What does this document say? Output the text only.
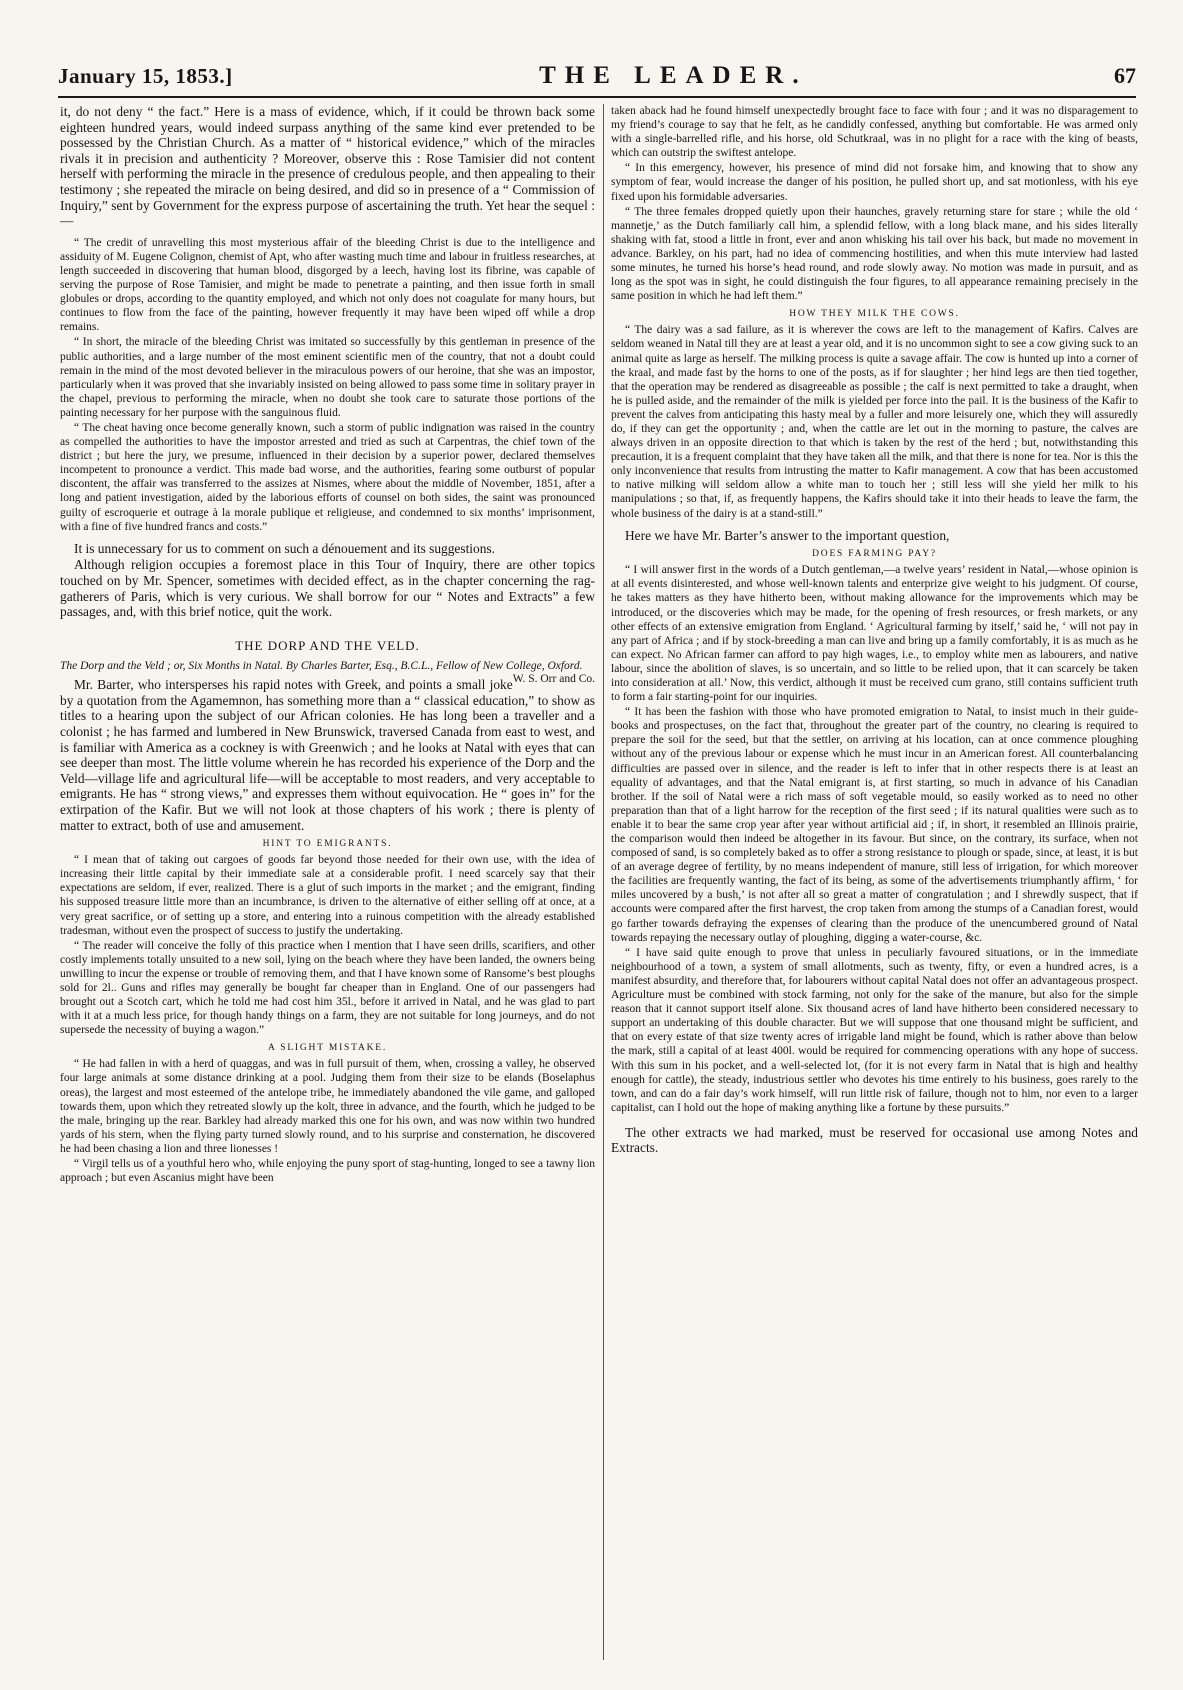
January 15, 1853.]	THE LEADER.	67

it, do not deny “ the fact.” Here is a mass of evidence, which, if it could be thrown back some eighteen hundred years, would indeed surpass anything of the same kind ever pretended to be possessed by the Christian Church. As a matter of “ historical evidence,” which of the miracles rivals it in precision and authenticity ? Moreover, observe this : Rose Tamisier did not content herself with performing the miracle in the presence of credulous people, and then appealing to their testimony ; she repeated the miracle on being desired, and did so in presence of a “ Commission of Inquiry,” sent by Government for the express purpose of ascertaining the truth. Yet hear the sequel : —

“ The credit of unravelling this most mysterious affair of the bleeding Christ is due to the intelligence and assiduity of M. Eugene Colignon, chemist of Apt, who after wasting much time and labour in fruitless researches, at length succeeded in discovering that human blood, disgorged by a leech, having lost its fibrine, was capable of serving the purpose of Rose Tamisier, and might be made to penetrate a painting, and then issue forth in small globules or drops, according to the quantity employed, and which not only does not coagulate for many hours, but continues to flow from the face of the painting, however frequently it may have been wiped off while a drop remains.

“ In short, the miracle of the bleeding Christ was imitated so successfully by this gentleman in presence of the public authorities, and a large number of the most eminent scientific men of the country, that not a doubt could remain in the mind of the most devoted believer in the miraculous powers of our heroine, that she was an impostor, particularly when it was proved that she invariably insisted on being allowed to pass some time in solitary prayer in the chapel, previous to performing the miracle, when no doubt she took care to saturate those portions of the painting necessary for her purpose with the sanguinous fluid.

“ The cheat having once become generally known, such a storm of public indignation was raised in the country as compelled the authorities to have the impostor arrested and tried as such at Carpentras, the chief town of the district ; but here the jury, we presume, influenced in their decision by a superior power, declared themselves incompetent to pronounce a verdict. This made bad worse, and the authorities, fearing some outburst of popular discontent, the affair was transferred to the assizes at Nismes, where about the middle of November, 1851, after a long and patient investigation, aided by the laborious efforts of counsel on both sides, the saint was pronounced guilty of escroquerie et outrage à la morale publique et religieuse, and condemned to six months’ imprisonment, with a fine of five hundred francs and costs.”

It is unnecessary for us to comment on such a dénouement and its suggestions.

Although religion occupies a foremost place in this Tour of Inquiry, there are other topics touched on by Mr. Spencer, sometimes with decided effect, as in the chapter concerning the rag-gatherers of Paris, which is very curious. We shall borrow for our “ Notes and Extracts” a few passages, and, with this brief notice, quit the work.

THE DORP AND THE VELD.
The Dorp and the Veld ; or, Six Months in Natal. By Charles Barter, Esq., B.C.L., Fellow of New College, Oxford.
W. S. Orr and Co.

Mr. Barter, who intersperses his rapid notes with Greek, and points a small joke by a quotation from the Agamemnon, has something more than a “ classical education,” to show as titles to a hearing upon the subject of our African colonies. He has long been a traveller and a colonist ; he has farmed and lumbered in New Brunswick, traversed Canada from east to west, and is familiar with America as a cockney is with Greenwich ; and he looks at Natal with eyes that can see deeper than most. The little volume wherein he has recorded his experience of the Dorp and the Veld—village life and agricultural life—will be acceptable to most readers, and very acceptable to emigrants. He has “ strong views,” and expresses them without equivocation. He “ goes in” for the extirpation of the Kafir. But we will not look at those chapters of his work ; there is plenty of matter to extract, both of use and amusement.

HINT TO EMIGRANTS.

“ I mean that of taking out cargoes of goods far beyond those needed for their own use, with the idea of increasing their little capital by their immediate sale at a considerable profit. I need scarcely say that their expectations are seldom, if ever, realized. There is a glut of such imports in the market ; and the emigrant, finding his supposed treasure little more than an incumbrance, is driven to the alternative of either selling off at once, at a very great sacrifice, or of setting up a store, and entering into a ruinous competition with the already established tradesman, without even the prospect of success to justify the undertaking.

“ The reader will conceive the folly of this practice when I mention that I have seen drills, scarifiers, and other costly implements totally unsuited to a new soil, lying on the beach where they have been landed, the owners being unwilling to incur the expense or trouble of removing them, and that I have known some of Ransome’s best ploughs sold for 2l.. Guns and rifles may generally be bought far cheaper than in England. One of our passengers had brought out a Scotch cart, which he told me had cost him 35l., before it arrived in Natal, and he was glad to part with it at a much less price, for though handy things on a farm, they are not suitable for long journeys, and do not supersede the necessity of buying a wagon.”

A SLIGHT MISTAKE.

“ He had fallen in with a herd of quaggas, and was in full pursuit of them, when, crossing a valley, he observed four large animals at some distance drinking at a pool. Judging them from their size to be elands (Boselaphus oreas), the largest and most esteemed of the antelope tribe, he immediately abandoned the vile game, and galloped towards them, upon which they retreated slowly up the kolt, three in advance, and the fourth, which he judged to be the male, bringing up the rear. Barkley had already marked this one for his own, and was now within two hundred yards of his stern, when the flying party turned slowly round, and to his surprise and consternation, he discovered he had been chasing a lion and three lionesses !

“ Virgil tells us of a youthful hero who, while enjoying the puny sport of stag-hunting, longed to see a tawny lion approach ; but even Ascanius might have been

taken aback had he found himself unexpectedly brought face to face with four ; and it was no disparagement to my friend’s courage to say that he felt, as he candidly confessed, anything but comfortable. He was armed only with a single-barrelled rifle, and his horse, old Schutkraal, was in no plight for a race with the king of beasts, which can outstrip the swiftest antelope.

“ In this emergency, however, his presence of mind did not forsake him, and knowing that to show any symptom of fear, would increase the danger of his position, he pulled short up, and sat motionless, with his eye fixed upon his formidable adversaries.

“ The three females dropped quietly upon their haunches, gravely returning stare for stare ; while the old ‘ mannetje,’ as the Dutch familiarly call him, a splendid fellow, with a long black mane, and his sides literally shaking with fat, stood a little in front, ever and anon whisking his tail over his back, but made no movement in advance. Barkley, on his part, had no idea of commencing hostilities, and when this mute interview had lasted some minutes, he turned his horse’s head round, and rode slowly away. No motion was made in pursuit, and as long as the spot was in sight, he could distinguish the four figures, to all appearance remaining precisely in the same position in which he had left them.”

HOW THEY MILK THE COWS.

“ The dairy was a sad failure, as it is wherever the cows are left to the management of Kafirs. Calves are seldom weaned in Natal till they are at least a year old, and it is no uncommon sight to see a cow giving suck to an animal quite as large as herself. The milking process is quite a savage affair. The cow is hunted up into a corner of the kraal, and made fast by the horns to one of the posts, as if for slaughter ; her hind legs are then tied together, that the operation may be rendered as disagreeable as possible ; the calf is next permitted to take a draught, when he is pulled aside, and the remainder of the milk is yielded per force into the pail. It is the business of the Kafir to prevent the calves from anticipating this hasty meal by a fuller and more leisurely one, which they will assuredly do, if they can get the opportunity ; and, when the cattle are let out in the morning to pasture, the calves are always driven in an opposite direction to that which is taken by the rest of the herd ; but, notwithstanding this precaution, it is a frequent complaint that they have taken all the milk, and that there is none for tea. Nor is this the only inconvenience that results from intrusting the matter to Kafir management. A cow that has been accustomed to native milking will seldom allow a white man to touch her ; still less will she yield her milk to his manipulations ; so that, if, as frequently happens, the Kafirs should take it into their heads to leave the farm, the whole business of the dairy is at a stand-still.”

Here we have Mr. Barter’s answer to the important question,

DOES FARMING PAY?

“ I will answer first in the words of a Dutch gentleman,—a twelve years’ resident in Natal,—whose opinion is at all events disinterested, and whose well-known talents and enterprize give weight to his judgment. Of course, he takes matters as they have hitherto been, without making allowance for the improvements which may be introduced, or the discoveries which may be made, for the opening of fresh resources, or fresh markets, or any other effects of an extensive emigration from England. ‘ Agricultural farming by itself,’ said he, ‘ will not pay in any part of Africa ; and if by stock-breeding a man can live and bring up a family comfortably, it is as much as he can expect. No African farmer can afford to pay high wages, i.e., to employ white men as labourers, and native labour, since the abolition of slaves, is so uncertain, and so little to be relied upon, that it can scarcely be taken into consideration at all.’ Now, this verdict, although it must be received cum grano, still contains sufficient truth to form a fair starting-point for our inquiries.

“ It has been the fashion with those who have promoted emigration to Natal, to insist much in their guide-books and prospectuses, on the fact that, throughout the greater part of the country, no clearing is required to prepare the soil for the seed, but that the settler, on arriving at his location, can at once commence ploughing without any of the previous labour or expense which he must incur in an American forest. All counterbalancing difficulties are passed over in silence, and the reader is left to infer that in other respects there is at least an equality of advantages, and that the Natal emigrant is, at first starting, so much in advance of his Canadian brother. If the soil of Natal were a rich mass of soft vegetable mould, so easily worked as to need no other preparation than that of a light harrow for the reception of the first seed ; if its natural qualities were such as to enable it to bear the same crop year after year without artificial aid ; if, in short, it resembled an Illinois prairie, the comparison would then indeed be altogether in its favour. But since, on the contrary, its surface, when not composed of sand, is so completely baked as to offer a strong resistance to plough or spade, since, at least, it is but of an average degree of fertility, by no means independent of manure, still less of irrigation, for which moreover the facilities are frequently wanting, the fact of its being, as some of the advertisements triumphantly affirm, ‘ for miles uncovered by a bush,’ is not after all so great a matter of congratulation ; and I shrewdly suspect, that if accounts were compared after the first harvest, the crop taken from among the stumps of a Canadian forest, would go farther towards defraying the expenses of clearing than the produce of the unencumbered ground of Natal towards repaying the necessary outlay of ploughing, digging a water-course, &c.

“ I have said quite enough to prove that unless in peculiarly favoured situations, or in the immediate neighbourhood of a town, a system of small allotments, such as twenty, fifty, or even a hundred acres, is a manifest absurdity, and therefore that, for labourers without capital Natal does not offer an advantageous prospect. Agriculture must be combined with stock farming, not only for the sake of the manure, but also for the simple reason that it cannot support itself alone. Six thousand acres of land have hitherto been considered necessary to support an undertaking of this double character. But we will suppose that one thousand might be sufficient, and that on every estate of that size twenty acres of irrigable land might be found, which is rather above than below the mark, still a capital of at least 400l. would be required for commencing operations with any hope of success. With this sum in his pocket, and a well-selected lot, (for it is not every farm in Natal that is high and healthy enough for cattle), the steady, industrious settler who devotes his time entirely to his business, goes rarely to the town, and can do a fair day’s work himself, will run little risk of failure, though not to him, nor even to a larger capitalist, can I hold out the hope of making anything like a fortune by these pursuits.”

The other extracts we had marked, must be reserved for occasional use among Notes and Extracts.
